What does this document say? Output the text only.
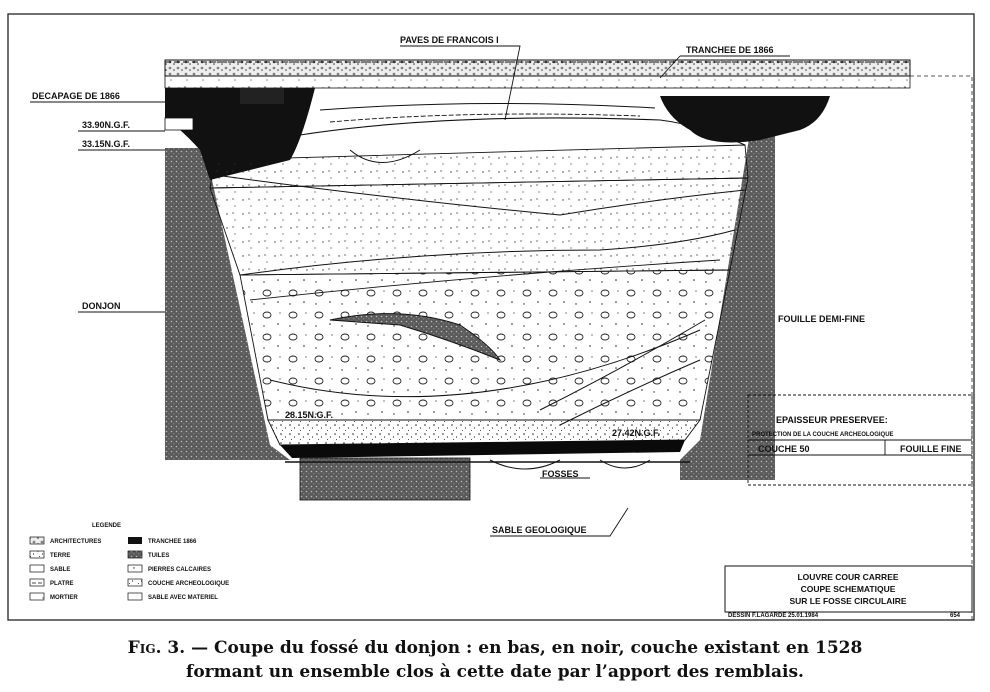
PAVES DE FRANCOIS I
TRANCHEE DE 1866
DECAPAGE DE 1866
33.90N.G.F.
33.15N.G.F.
DONJON
FOUILLE DEMI-FINE
EPAISSEUR PRESERVEE:
PROTECTION DE LA COUCHE ARCHEOLOGIQUE
COUCHE 50	FOUILLE FINE
28.15N.G.F.
27.42N.G.F.
FOSSES
SABLE GEOLOGIQUE
LEGENDE
ARCHITECTURES
TERRE
SABLE
PLATRE
MORTIER
TRANCHEE 1866
TUILES
PIERRES CALCAIRES
COUCHE ARCHEOLOGIQUE
SABLE AVEC MATERIEL
LOUVRE COUR CARREE
COUPE SCHEMATIQUE
SUR LE FOSSE CIRCULAIRE
DESSIN F.LAGARDE 25.01.1984	654
Fig. 3. — Coupe du fossé du donjon : en bas, en noir, couche existant en 1528
formant un ensemble clos à cette date par l’apport des remblais.
